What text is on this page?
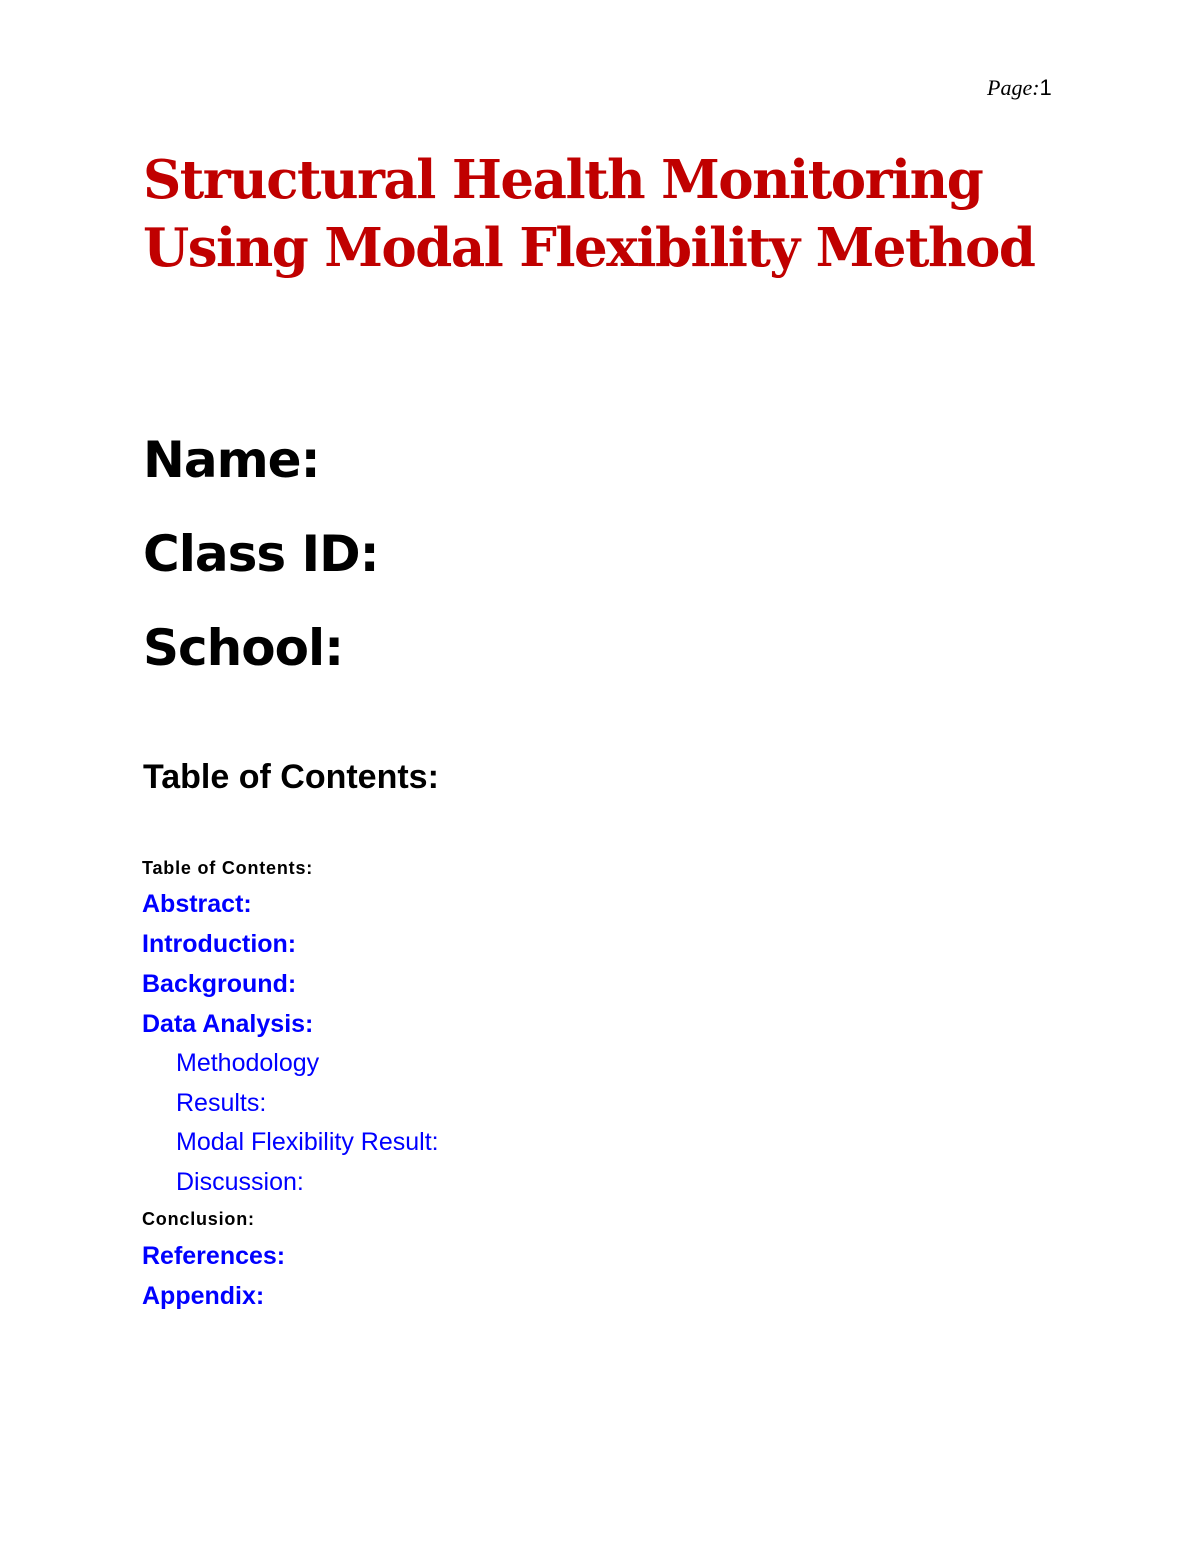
Page:1
Structural Health Monitoring
Using Modal Flexibility Method
Name:
Class ID:
School:
Table of Contents:
Table of Contents:
Abstract:
Introduction:
Background:
Data Analysis:
Methodology
Results:
Modal Flexibility Result:
Discussion:
Conclusion:
References:
Appendix:
